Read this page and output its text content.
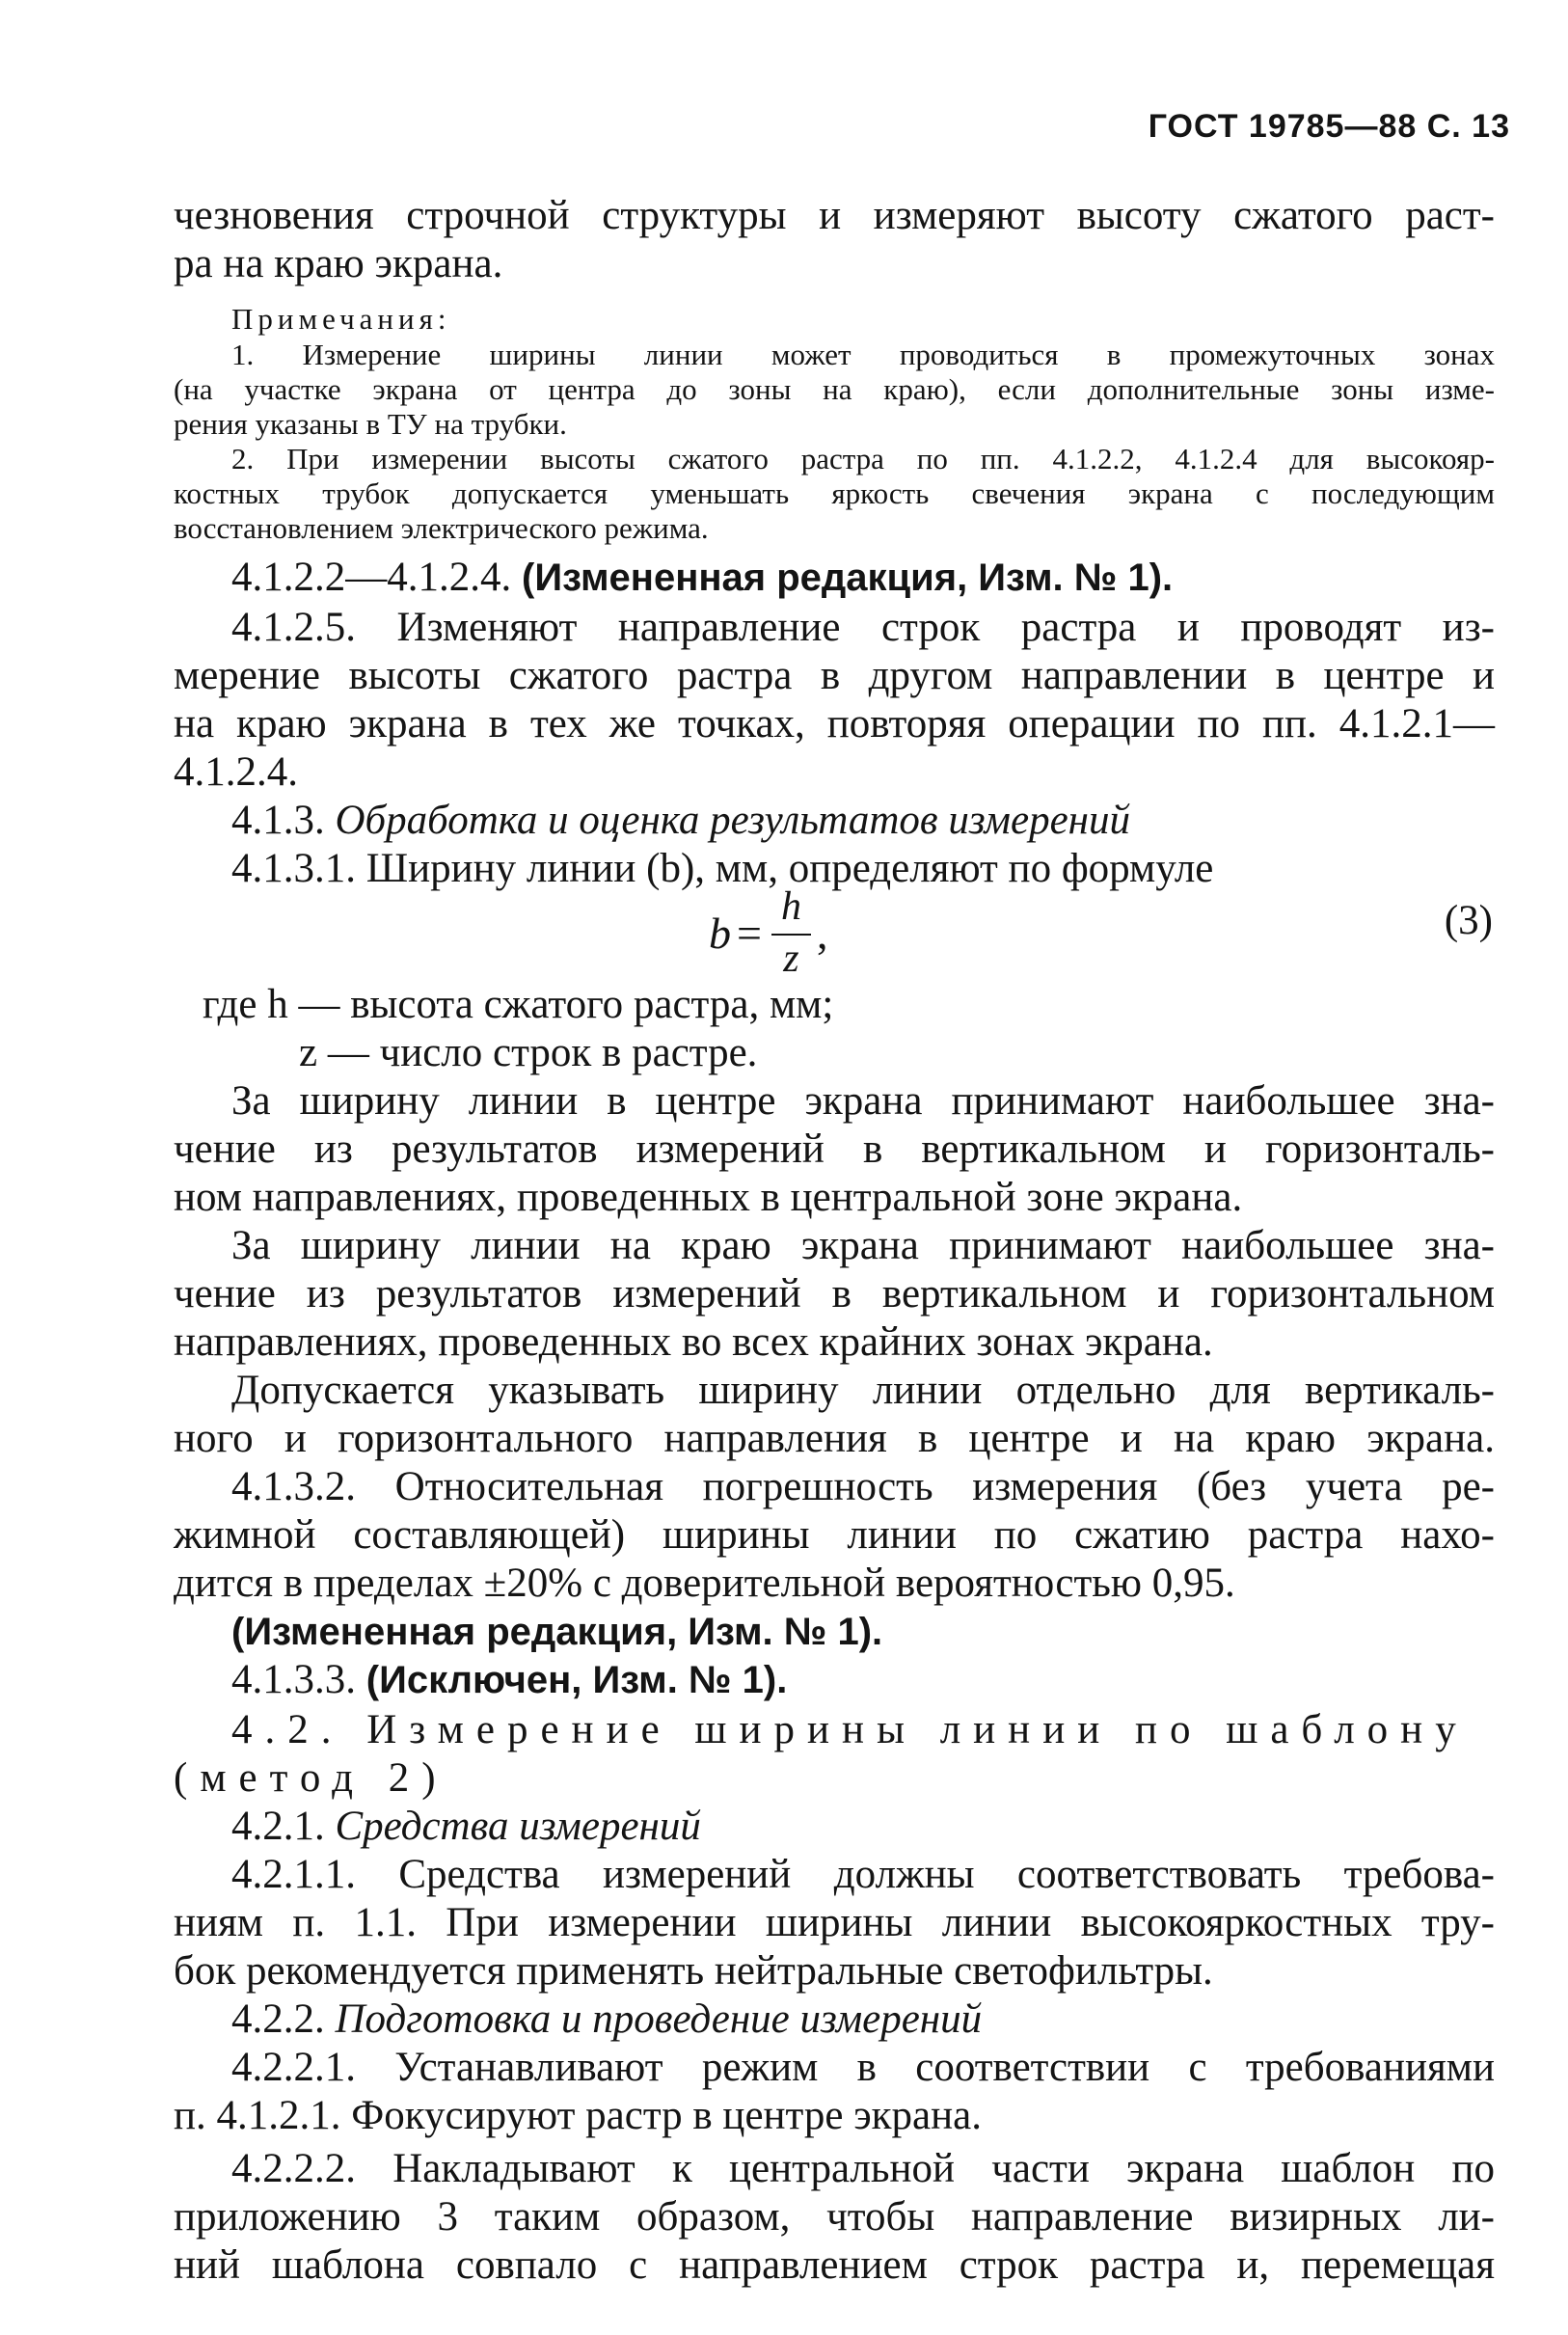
ГОСТ 19785—88 С. 13
чезновения строчной структуры и измеряют высоту сжатого раст-
ра на краю экрана.
Примечания:
1. Измерение ширины линии может проводиться в промежуточных зонах
(на участке экрана от центра до зоны на краю), если дополнительные зоны изме-
рения указаны в ТУ на трубки.
2. При измерении высоты сжатого растра по пп. 4.1.2.2, 4.1.2.4 для высокояр-
костных трубок допускается уменьшать яркость свечения экрана с последующим
восстановлением электрического режима.
4.1.2.2—4.1.2.4. (Измененная редакция, Изм. № 1).
4.1.2.5. Изменяют направление строк растра и проводят из-
мерение высоты сжатого растра в другом направлении в центре и
на краю экрана в тех же точках, повторяя операции по пп. 4.1.2.1—
4.1.2.4.
4.1.3. Обработка и оценка результатов измерений
4.1.3.1. Ширину линии (b), мм, определяют по формуле
$b = \frac{h}{z}$ ,	(3)
где h — высота сжатого растра, мм;
z — число строк в растре.
За ширину линии в центре экрана принимают наибольшее зна-
чение из результатов измерений в вертикальном и горизонталь-
ном направлениях, проведенных в центральной зоне экрана.
За ширину линии на краю экрана принимают наибольшее зна-
чение из результатов измерений в вертикальном и горизонтальном
направлениях, проведенных во всех крайних зонах экрана.
Допускается указывать ширину линии отдельно для вертикаль-
ного и горизонтального направления в центре и на краю экрана.
4.1.3.2. Относительная погрешность измерения (без учета ре-
жимной составляющей) ширины линии по сжатию растра нахо-
дится в пределах ±20% с доверительной вероятностью 0,95.
(Измененная редакция, Изм. № 1).
4.1.3.3. (Исключен, Изм. № 1).
4.2. Измерение ширины линии по шаблону
(метод 2)
4.2.1. Средства измерений
4.2.1.1. Средства измерений должны соответствовать требова-
ниям п. 1.1. При измерении ширины линии высокояркостных тру-
бок рекомендуется применять нейтральные светофильтры.
4.2.2. Подготовка и проведение измерений
4.2.2.1. Устанавливают режим в соответствии с требованиями
п. 4.1.2.1. Фокусируют растр в центре экрана.
4.2.2.2. Накладывают к центральной части экрана шаблон по
приложению 3 таким образом, чтобы направление визирных ли-
ний шаблона совпало с направлением строк растра и, перемещая
